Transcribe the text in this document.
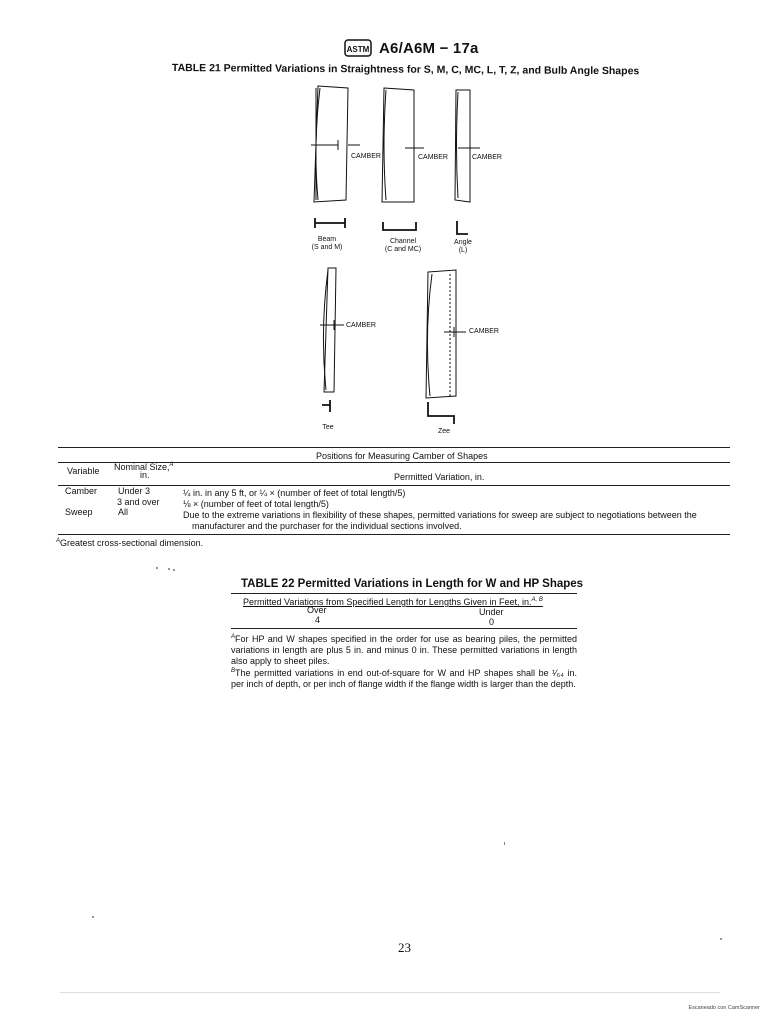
ASTM A6/A6M − 17a
TABLE 21 Permitted Variations in Straightness for S, M, C, MC, L, T, Z, and Bulb Angle Shapes
CAMBER	CAMBER	CAMBER
CAMBER
CAMBER
Beam
(S and M)
Channel
(C and MC)
Angle
(L)
Tee
Zee
Positions for Measuring Camber of Shapes
Variable Nominal Size,$^A$
in.	Permitted Variation, in.
Camber Under 3	¼ in. in any 5 ft, or ¼ × (number of feet of total length/5)
3 and over	⅛ × (number of feet of total length/5)
Sweep	All	Due to the extreme variations in flexibility of these shapes, permitted variations for sweep are subject to negotiations between the
manufacturer and the purchaser for the individual sections involved.
$^A$Greatest cross-sectional dimension.
TABLE 22 Permitted Variations in Length for W and HP Shapes
Permitted Variations from Specified Length for Lengths Given in Feet, in.$^{A, B}$
Over	Under
4	0
$^A$For HP and W shapes specified in the order for use as bearing piles, the permitted variations in length are plus 5 in. and minus 0 in. These permitted variations in length also apply to sheet piles.
$^B$The permitted variations in end out-of-square for W and HP shapes shall be ¹⁄₆₄ in. per inch of depth, or per inch of flange width if the flange width is larger than the depth.
23
Escaneado con CamScanner
